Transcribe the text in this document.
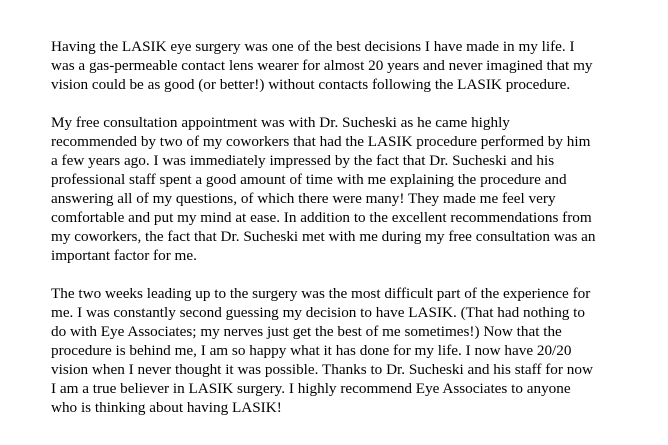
Having the LASIK eye surgery was one of the best decisions I have made in my life. I
was a gas-permeable contact lens wearer for almost 20 years and never imagined that my
vision could be as good (or better!) without contacts following the LASIK procedure.

My free consultation appointment was with Dr. Sucheski as he came highly
recommended by two of my coworkers that had the LASIK procedure performed by him
a few years ago. I was immediately impressed by the fact that Dr. Sucheski and his
professional staff spent a good amount of time with me explaining the procedure and
answering all of my questions, of which there were many! They made me feel very
comfortable and put my mind at ease. In addition to the excellent recommendations from
my coworkers, the fact that Dr. Sucheski met with me during my free consultation was an
important factor for me.

The two weeks leading up to the surgery was the most difficult part of the experience for
me. I was constantly second guessing my decision to have LASIK. (That had nothing to
do with Eye Associates; my nerves just get the best of me sometimes!) Now that the
procedure is behind me, I am so happy what it has done for my life. I now have 20/20
vision when I never thought it was possible. Thanks to Dr. Sucheski and his staff for now
I am a true believer in LASIK surgery. I highly recommend Eye Associates to anyone
who is thinking about having LASIK!
